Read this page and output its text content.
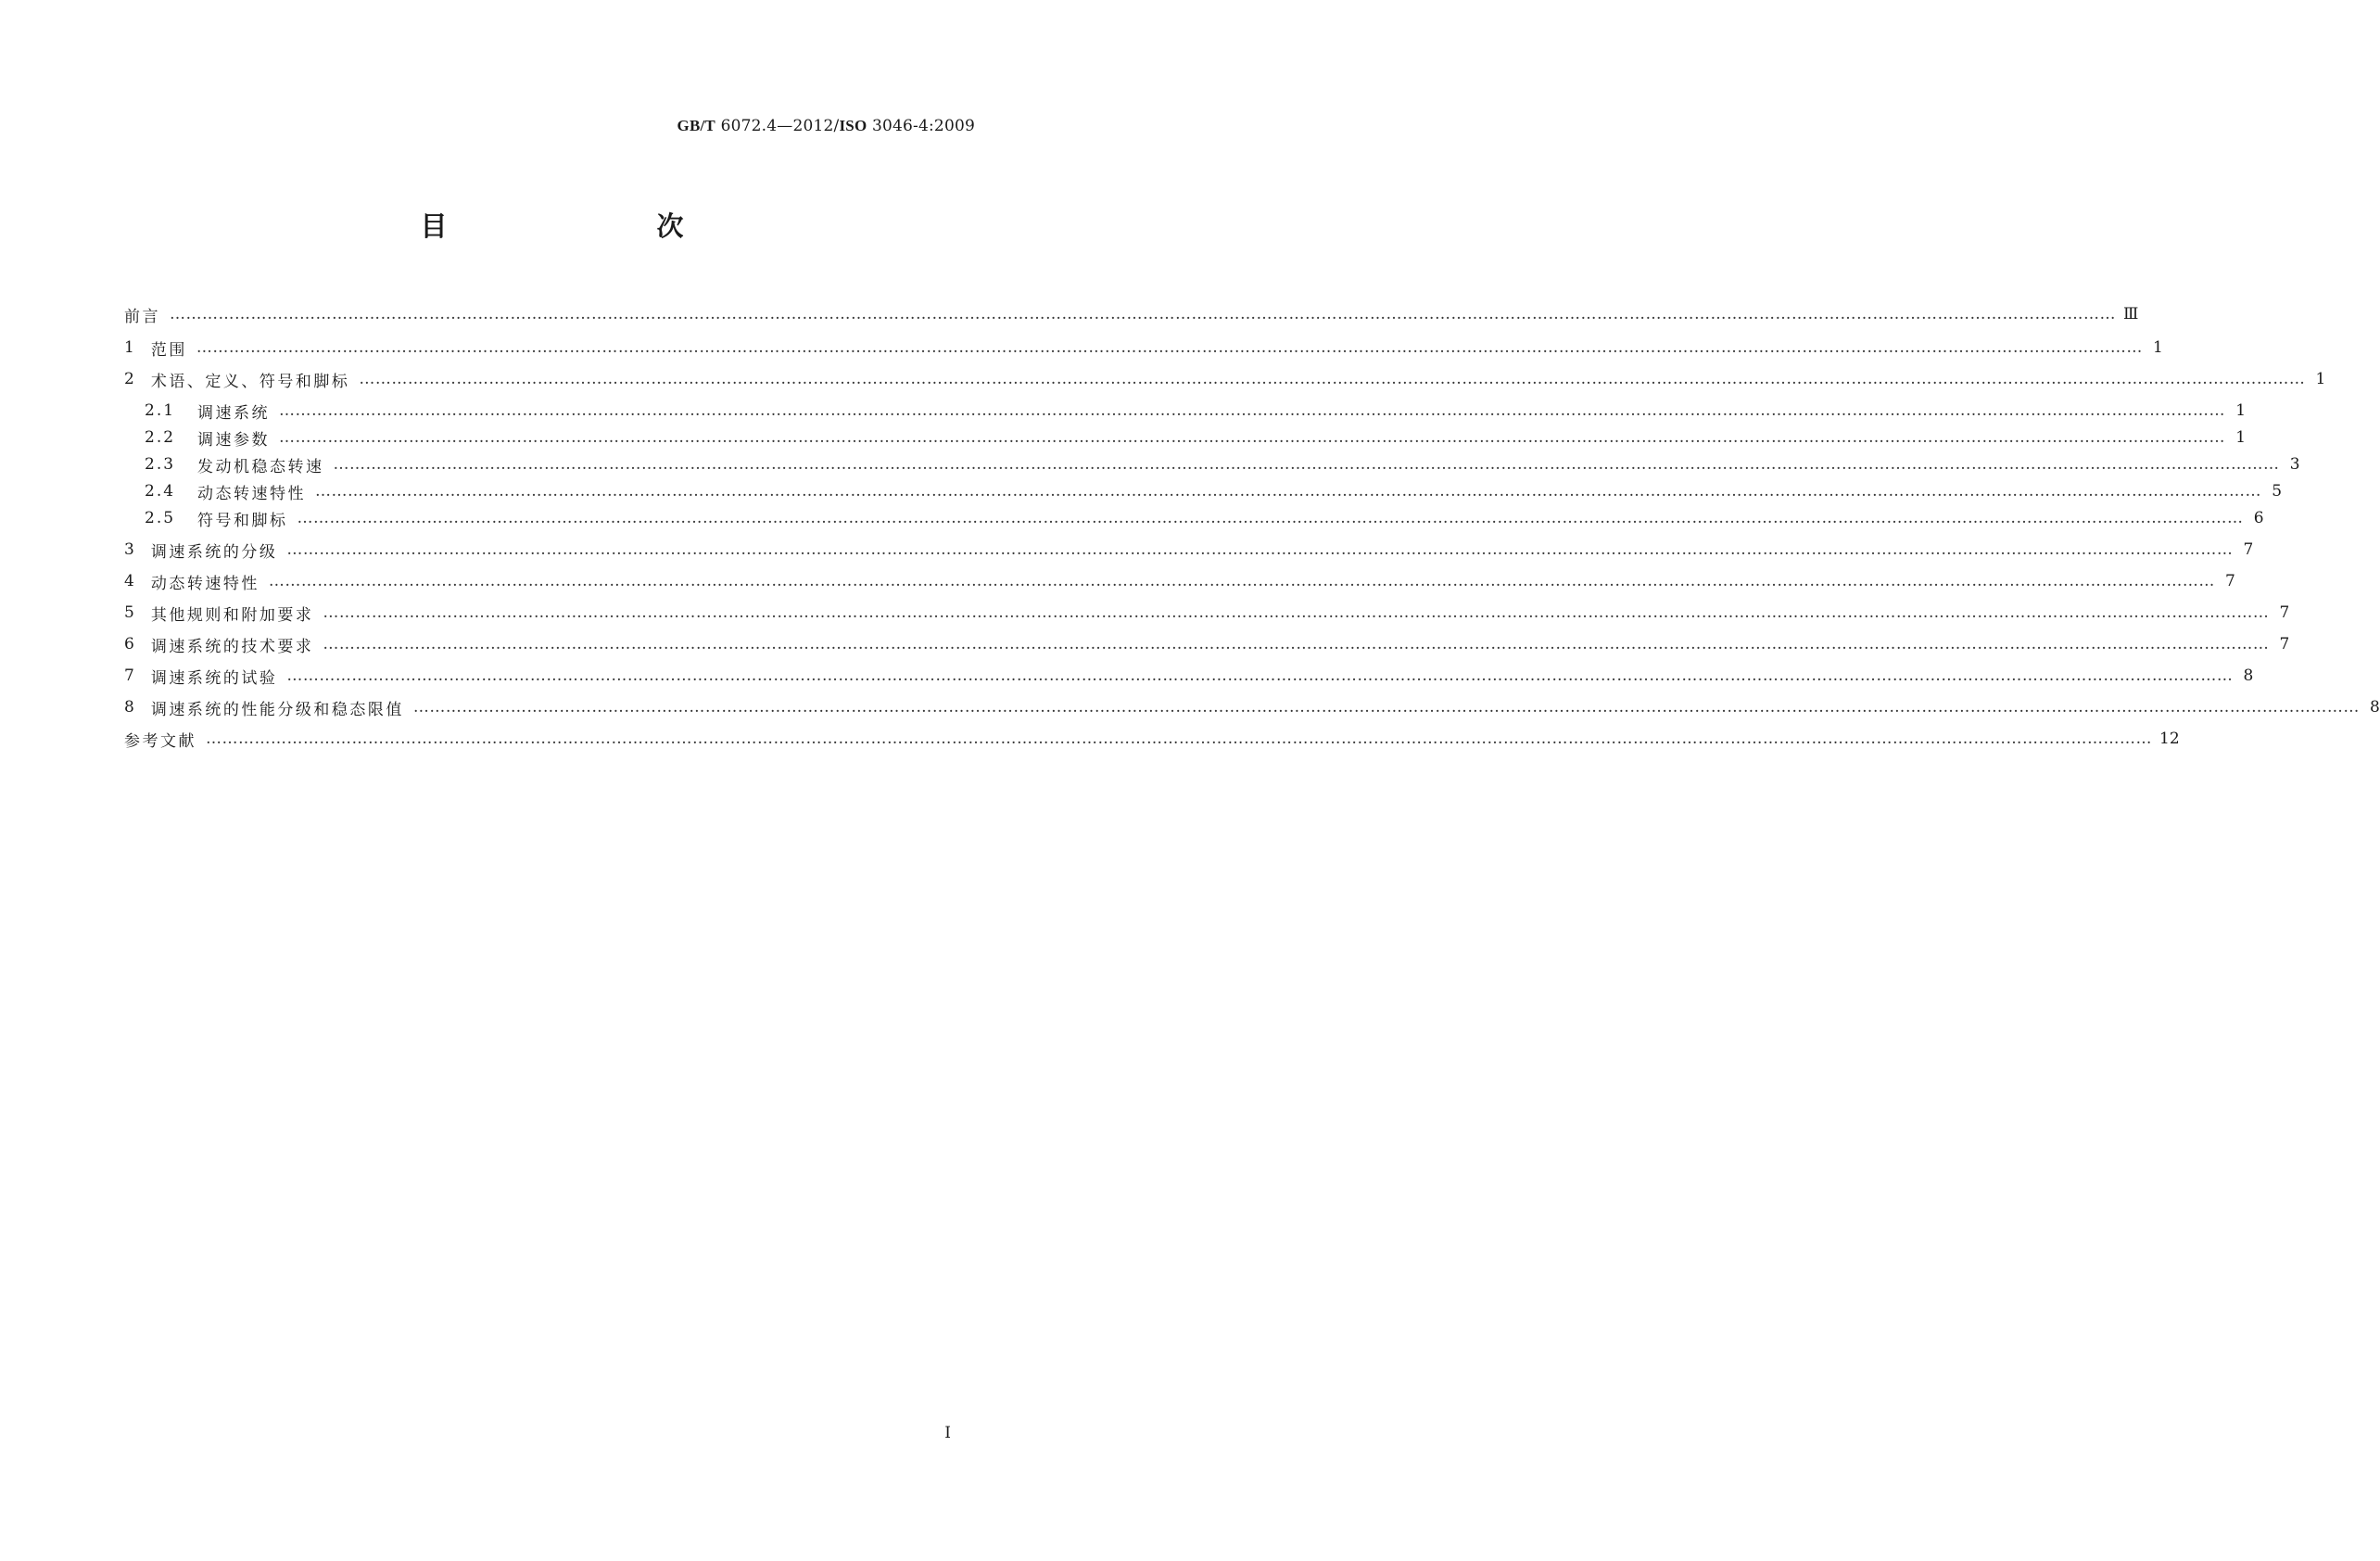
GB/T 6072.4—2012/ISO 3046-4:2009
目　　次
前言 ……………………………………………………………………………………………………………………………………………………………………………………………………………………………………………………………………………………………………………………………… Ⅲ
1 范围 ……………………………………………………………………………………………………………………………………………………………………………………………………………………………………………………………………………………………………………………………… 1
2 术语、定义、符号和脚标 ……………………………………………………………………………………………………………………………………………………………………………………………………………………………………………………………………………………………………………………………… 1
2.1 调速系统 ……………………………………………………………………………………………………………………………………………………………………………………………………………………………………………………………………………………………………………………………… 1
2.2 调速参数 ……………………………………………………………………………………………………………………………………………………………………………………………………………………………………………………………………………………………………………………………… 1
2.3 发动机稳态转速 ……………………………………………………………………………………………………………………………………………………………………………………………………………………………………………………………………………………………………………………………… 3
2.4 动态转速特性 ……………………………………………………………………………………………………………………………………………………………………………………………………………………………………………………………………………………………………………………………… 5
2.5 符号和脚标 ……………………………………………………………………………………………………………………………………………………………………………………………………………………………………………………………………………………………………………………………… 6
3 调速系统的分级 ……………………………………………………………………………………………………………………………………………………………………………………………………………………………………………………………………………………………………………………………… 7
4 动态转速特性 ……………………………………………………………………………………………………………………………………………………………………………………………………………………………………………………………………………………………………………………………… 7
5 其他规则和附加要求 ……………………………………………………………………………………………………………………………………………………………………………………………………………………………………………………………………………………………………………………………… 7
6 调速系统的技术要求 ……………………………………………………………………………………………………………………………………………………………………………………………………………………………………………………………………………………………………………………………… 7
7 调速系统的试验 ……………………………………………………………………………………………………………………………………………………………………………………………………………………………………………………………………………………………………………………………… 8
8 调速系统的性能分级和稳态限值 ……………………………………………………………………………………………………………………………………………………………………………………………………………………………………………………………………………………………………………………………… 8
参考文献 ……………………………………………………………………………………………………………………………………………………………………………………………………………………………………………………………………………………………………………………………… 12
I
